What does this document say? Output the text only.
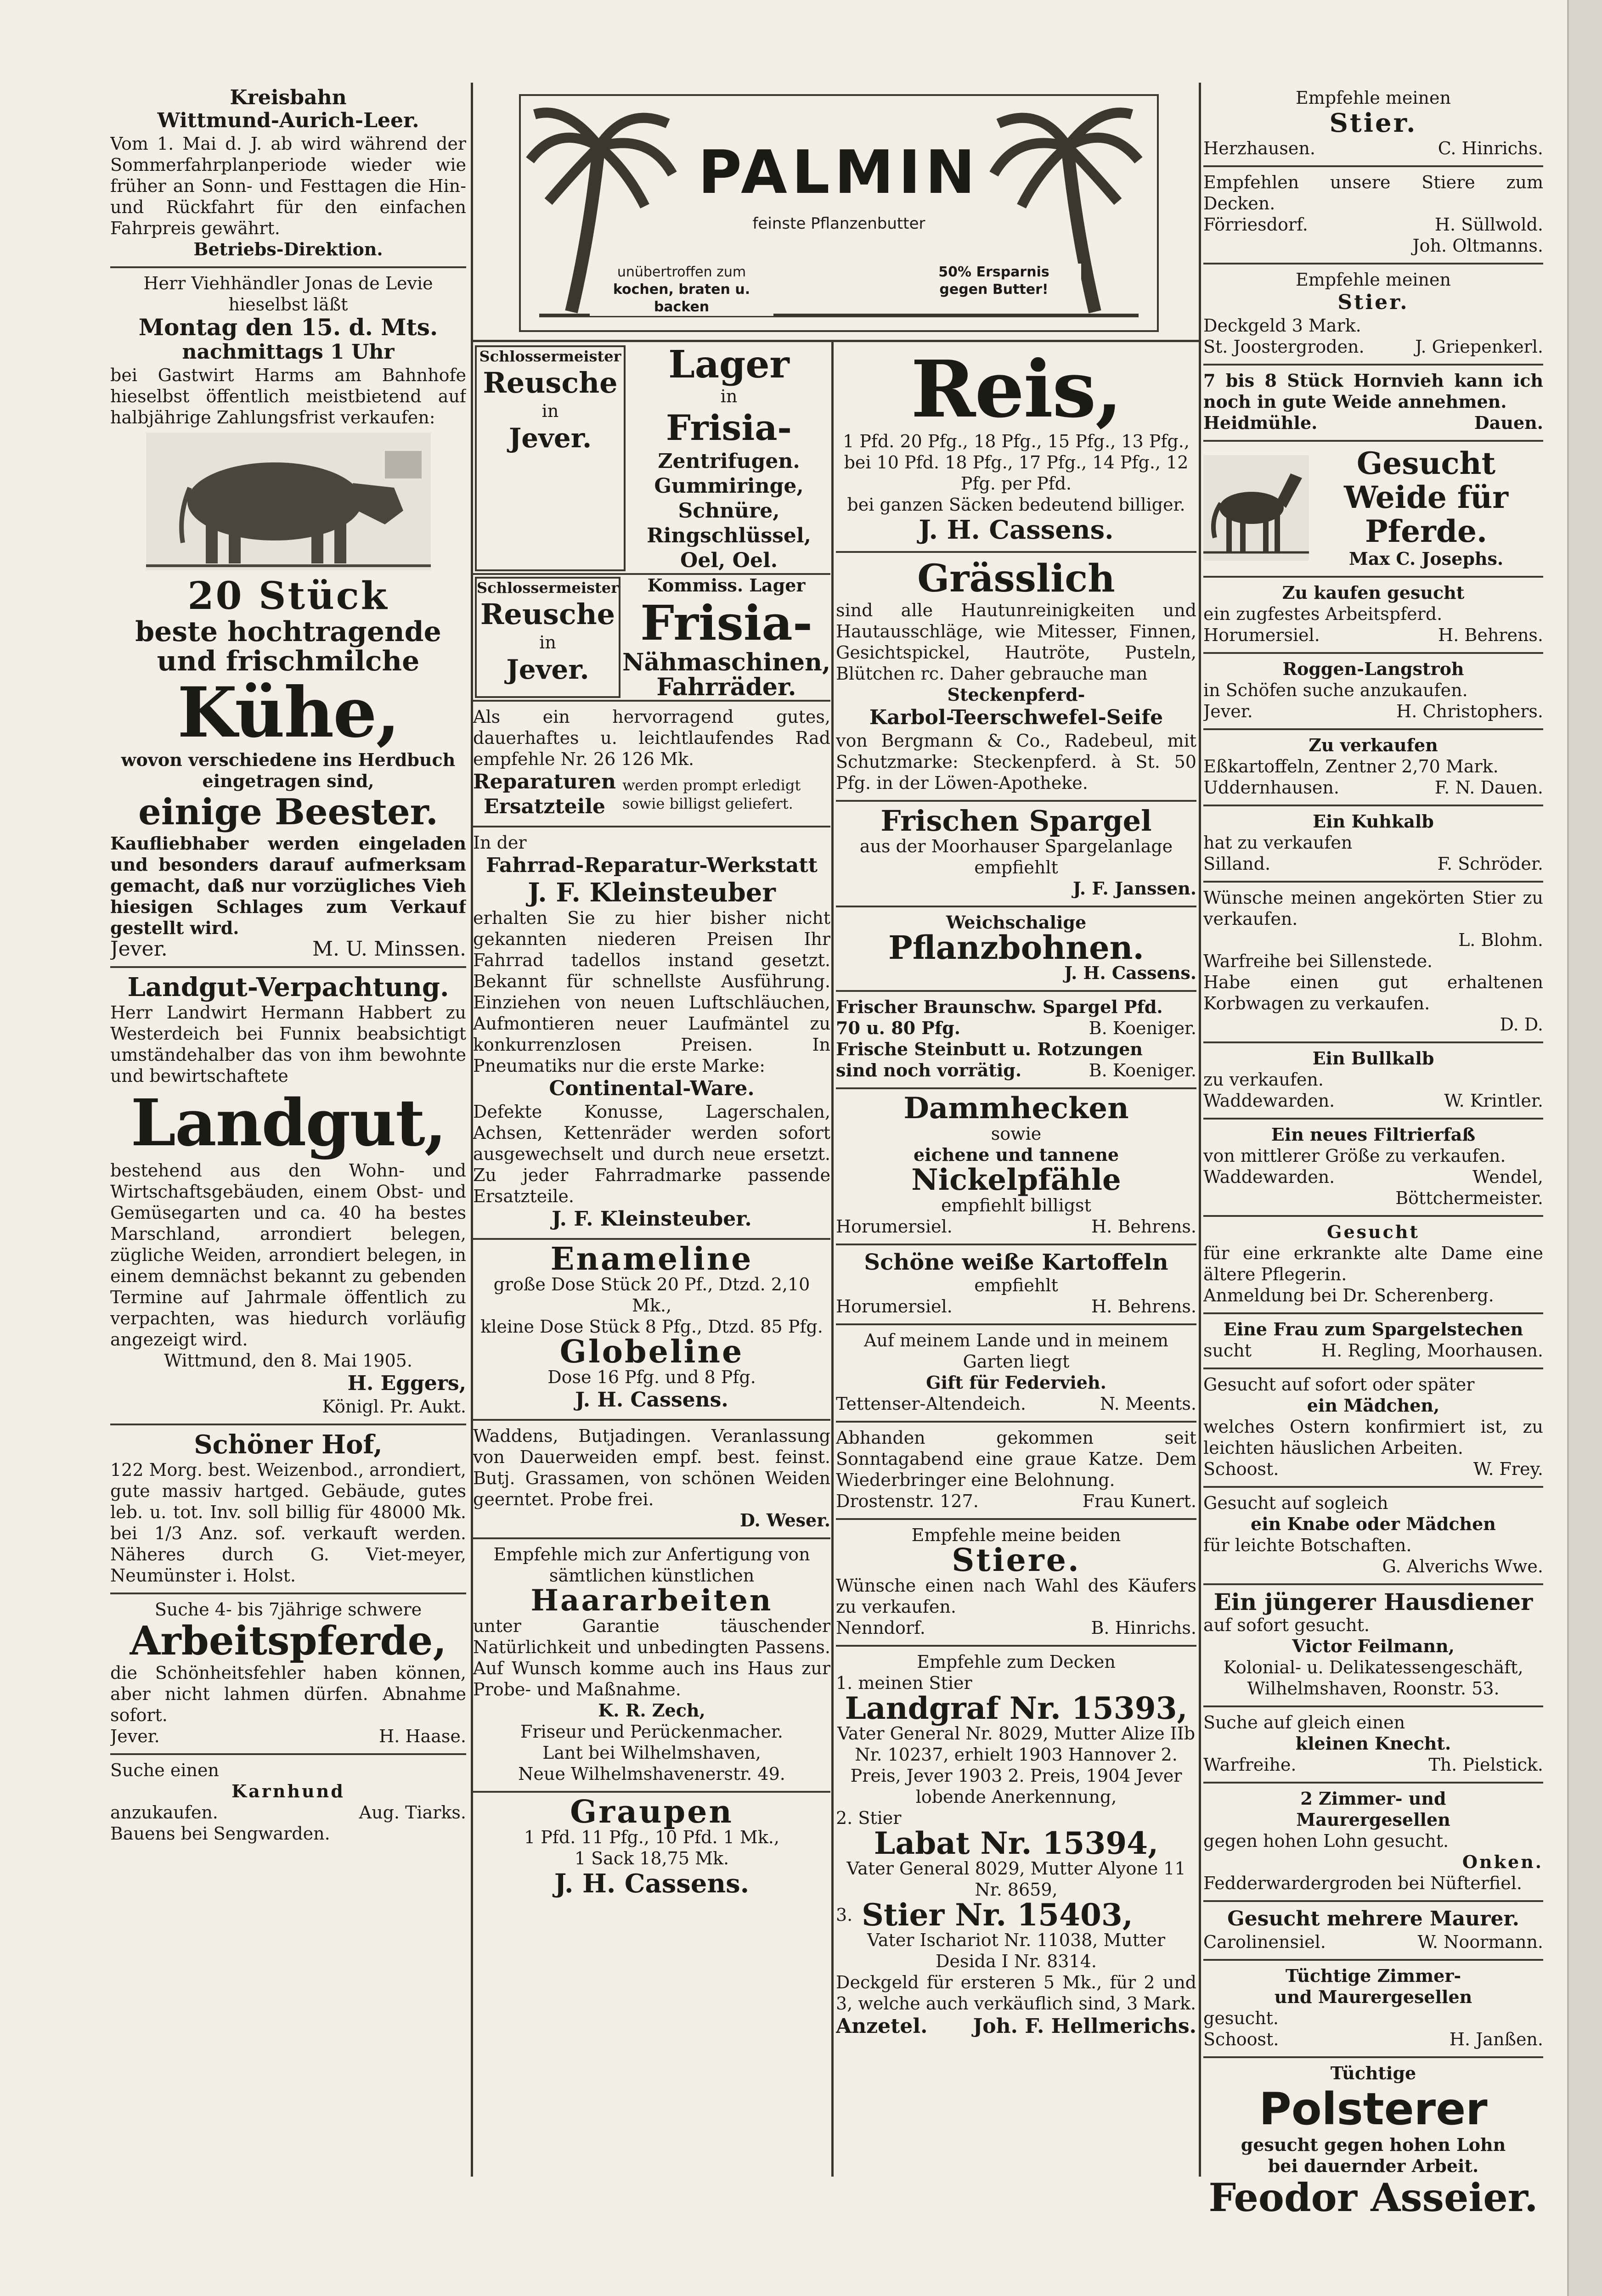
Kreisbahn
Wittmund-Aurich-Leer.
Vom 1. Mai d. J. ab wird während der Sommerfahrplanperiode wieder wie früher an Sonn- und Festtagen die Hin- und Rückfahrt für den einfachen Fahrpreis gewährt.
Betriebs-Direktion.
Herr Viehhändler Jonas de Levie hieselbst läßt
Montag den 15. d. Mts.
nachmittags 1 Uhr
bei Gastwirt Harms am Bahnhofe hieselbst öffentlich meistbietend auf halbjährige Zahlungsfrist verkaufen:
20 Stück
beste hochtragende und frischmilche
Kühe,
wovon verschiedene ins Herdbuch eingetragen sind,
einige Beester.
Kaufliebhaber werden eingeladen und besonders darauf aufmerksam gemacht, daß nur vorzügliches Vieh hiesigen Schlages zum Verkauf gestellt wird.
Jever.	M. U. Minssen.
Landgut-Verpachtung.
Herr Landwirt Hermann Habbert zu Westerdeich bei Funnix beabsichtigt umständehalber das von ihm bewohnte und bewirtschaftete
Landgut,
bestehend aus den Wohn- und Wirtschaftsgebäuden, einem Obst- und Gemüsegarten und ca. 40 ha bestes Marschland, arrondiert belegen, zügliche Weiden, arrondiert belegen, in einem demnächst bekannt zu gebenden Termine auf Jahrmale öffentlich zu verpachten, was hiedurch vorläufig angezeigt wird.
Wittmund, den 8. Mai 1905.
H. Eggers,
Königl. Pr. Aukt.
Schöner Hof,
122 Morg. best. Weizenbod., arrondiert, gute massiv hartged. Gebäude, gutes leb. u. tot. Inv. soll billig für 48000 Mk. bei 1/3 Anz. sof. verkauft werden. Näheres durch G. Viet-meyer, Neumünster i. Holst.
Suche 4- bis 7jährige schwere
Arbeitspferde,
die Schönheitsfehler haben können, aber nicht lahmen dürfen. Abnahme sofort.
Jever.	H. Haase.
Suche einen
Karnhund
anzukaufen.	Aug. Tiarks.
Bauens bei Sengwarden.
PALMIN
feinste Pflanzenbutter
unübertroffen zum
kochen, braten u. backen
50% Ersparnis
gegen Butter!
Schlossermeister
Reusche
in
Jever.
Lager
in
Frisia-
Zentrifugen.
Gummiringe,
Schnüre,
Ringschlüssel,
Oel, Oel.
Schlossermeister
Reusche
in
Jever.
Kommiss. Lager
Frisia-
Nähmaschinen,
Fahrräder.
Als ein hervorragend gutes, dauerhaftes u. leichtlaufendes Rad empfehle Nr. 26 126 Mk.
Reparaturen
Ersatzteile
werden prompt erledigt sowie billigst geliefert.
In der
Fahrrad-Reparatur-Werkstatt
J. F. Kleinsteuber
erhalten Sie zu hier bisher nicht gekannten niederen Preisen Ihr Fahrrad tadellos instand gesetzt. Bekannt für schnellste Ausführung. Einziehen von neuen Luftschläuchen, Aufmontieren neuer Laufmäntel zu konkurrenzlosen Preisen. In Pneumatiks nur die erste Marke:
Continental-Ware.
Defekte Konusse, Lagerschalen, Achsen, Kettenräder werden sofort ausgewechselt und durch neue ersetzt. Zu jeder Fahrradmarke passende Ersatzteile.
J. F. Kleinsteuber.
Enameline
große Dose Stück 20 Pf., Dtzd. 2,10 Mk.,
kleine Dose Stück 8 Pfg., Dtzd. 85 Pfg.
Globeline
Dose 16 Pfg. und 8 Pfg.
J. H. Cassens.
Waddens, Butjadingen. Veranlassung von Dauerweiden empf. best. feinst. Butj. Grassamen, von schönen Weiden geerntet. Probe frei.
D. Weser.
Empfehle mich zur Anfertigung von sämtlichen künstlichen
Haararbeiten
unter Garantie täuschender Natürlichkeit und unbedingten Passens. Auf Wunsch komme auch ins Haus zur Probe- und Maßnahme.
K. R. Zech,
Friseur und Perückenmacher.
Lant bei Wilhelmshaven,
Neue Wilhelmshavenerstr. 49.
Graupen
1 Pfd. 11 Pfg., 10 Pfd. 1 Mk.,
1 Sack 18,75 Mk.
J. H. Cassens.
Reis,
1 Pfd. 20 Pfg., 18 Pfg., 15 Pfg., 13 Pfg., bei 10 Pfd. 18 Pfg., 17 Pfg., 14 Pfg., 12 Pfg. per Pfd.
bei ganzen Säcken bedeutend billiger.
J. H. Cassens.
Grässlich
sind alle Hautunreinigkeiten und Hautausschläge, wie Mitesser, Finnen, Gesichtspickel, Hautröte, Pusteln, Blütchen rc. Daher gebrauche man
Steckenpferd-
Karbol-Teerschwefel-Seife
von Bergmann & Co., Radebeul, mit Schutzmarke: Steckenpferd. à St. 50 Pfg. in der Löwen-Apotheke.
Frischen Spargel
aus der Moorhauser Spargelanlage empfiehlt
J. F. Janssen.
Weichschalige
Pflanzbohnen.
J. H. Cassens.
Frischer Braunschw. Spargel Pfd.
70 u. 80 Pfg.	B. Koeniger.
Frische Steinbutt u. Rotzungen
sind noch vorrätig.	B. Koeniger.
Dammhecken
sowie
eichene und tannene
Nickelpfähle
empfiehlt billigst
Horumersiel.	H. Behrens.
Schöne weiße Kartoffeln
empfiehlt
Horumersiel.	H. Behrens.
Auf meinem Lande und in meinem Garten liegt
Gift für Federvieh.
Tettenser-Altendeich.	N. Meents.
Abhanden gekommen seit Sonntagabend eine graue Katze. Dem Wiederbringer eine Belohnung.
Drostenstr. 127.	Frau Kunert.
Empfehle meine beiden
Stiere.
Wünsche einen nach Wahl des Käufers zu verkaufen.
Nenndorf.	B. Hinrichs.
Empfehle zum Decken
1. meinen Stier
Landgraf Nr. 15393,
Vater General Nr. 8029, Mutter Alize IIb Nr. 10237, erhielt 1903 Hannover 2. Preis, Jever 1903 2. Preis, 1904 Jever lobende Anerkennung,
2. Stier
Labat Nr. 15394,
Vater General 8029, Mutter Alyone 11 Nr. 8659,
3. Stier Nr. 15403,
Vater Ischariot Nr. 11038, Mutter Desida I Nr. 8314.
Deckgeld für ersteren 5 Mk., für 2 und 3, welche auch verkäuflich sind, 3 Mark.
Anzetel. Joh. F. Hellmerichs.
Empfehle meinen
Stier.
Herzhausen.	C. Hinrichs.
Empfehlen unsere Stiere zum Decken.
Förriesdorf.	H. Süllwold.
Joh. Oltmanns.
Empfehle meinen
Stier.
Deckgeld 3 Mark.
St. Joostergroden.	J. Griepenkerl.
7 bis 8 Stück Hornvieh kann ich noch in gute Weide annehmen.
Heidmühle.	Dauen.
Gesucht
Weide für
Pferde.
Max C. Josephs.
Zu kaufen gesucht
ein zugfestes Arbeitspferd.
Horumersiel.	H. Behrens.
Roggen-Langstroh
in Schöfen suche anzukaufen.
Jever.	H. Christophers.
Zu verkaufen
Eßkartoffeln, Zentner 2,70 Mark.
Uddernhausen.	F. N. Dauen.
Ein Kuhkalb
hat zu verkaufen
Silland.	F. Schröder.
Wünsche meinen angekörten Stier zu verkaufen.
L. Blohm.
Warfreihe bei Sillenstede.
Habe einen gut erhaltenen Korbwagen zu verkaufen.
D. D.
Ein Bullkalb
zu verkaufen.
Waddewarden.	W. Krintler.
Ein neues Filtrierfaß
von mittlerer Größe zu verkaufen.
Waddewarden.	Wendel,
Böttchermeister.
Gesucht
für eine erkrankte alte Dame eine ältere Pflegerin.
Anmeldung bei Dr. Scherenberg.
Eine Frau zum Spargelstechen
sucht	H. Regling, Moorhausen.
Gesucht auf sofort oder später
ein Mädchen,
welches Ostern konfirmiert ist, zu leichten häuslichen Arbeiten.
Schoost.	W. Frey.
Gesucht auf sogleich
ein Knabe oder Mädchen
für leichte Botschaften.
G. Alverichs Wwe.
Ein jüngerer Hausdiener
auf sofort gesucht.
Victor Feilmann,
Kolonial- u. Delikatessengeschäft,
Wilhelmshaven, Roonstr. 53.
Suche auf gleich einen
kleinen Knecht.
Warfreihe.	Th. Pielstick.
2 Zimmer- und
Maurergesellen
gegen hohen Lohn gesucht.
Onken.
Fedderwardergroden bei Nüfterfiel.
Gesucht mehrere Maurer.
Carolinensiel.	W. Noormann.
Tüchtige Zimmer-
und Maurergesellen
gesucht.
Schoost.	H. Janßen.
Tüchtige
Polsterer
gesucht gegen hohen Lohn
bei dauernder Arbeit.
Feodor Asseier.
